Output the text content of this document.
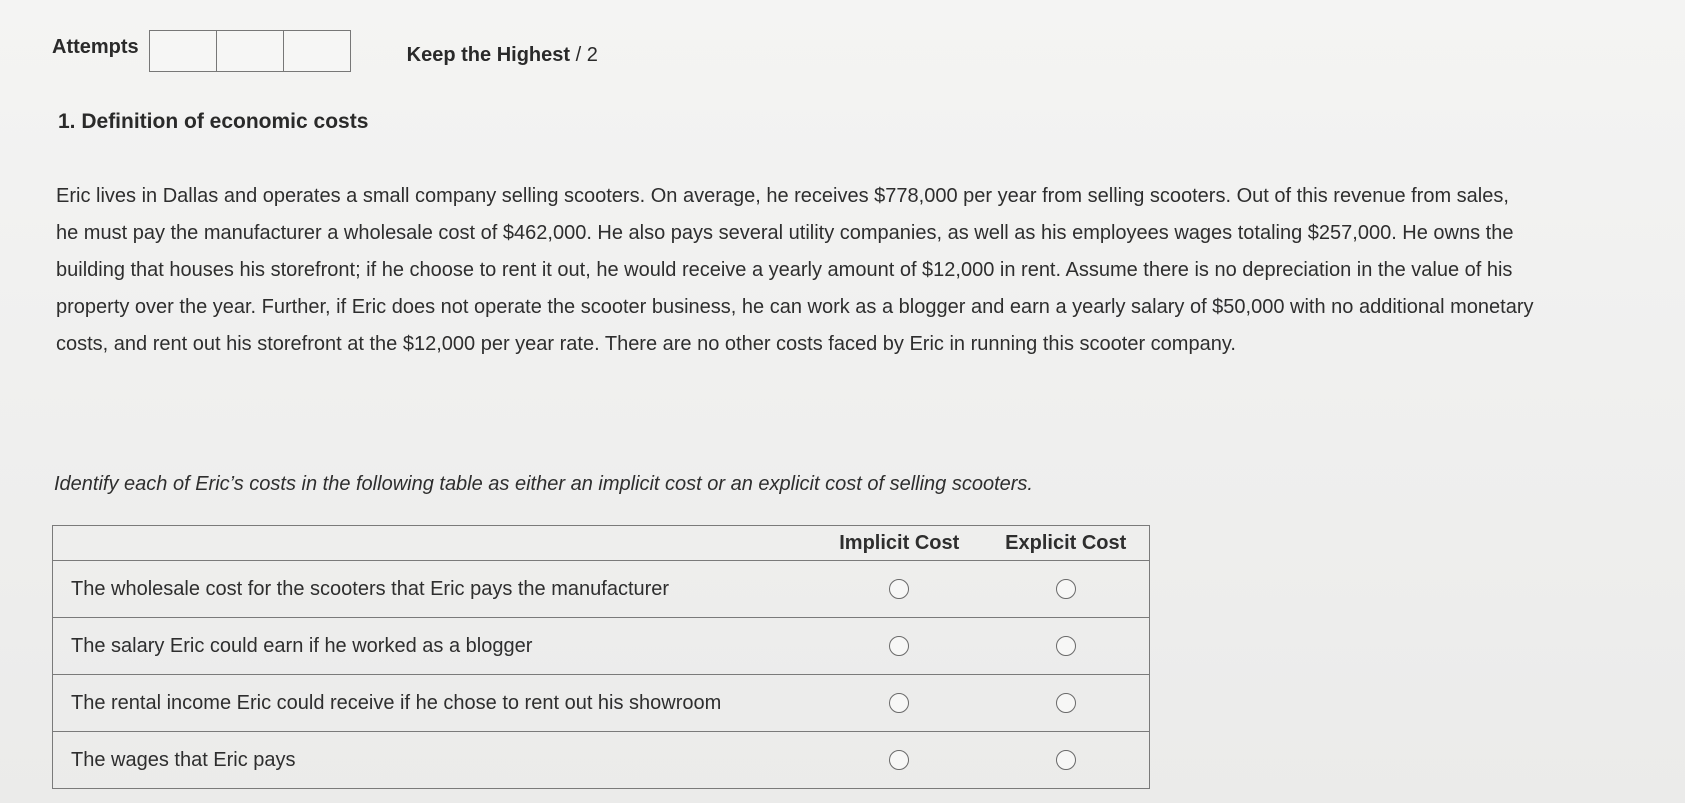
Attempts	Keep the Highest / 2
1. Definition of economic costs

Eric lives in Dallas and operates a small company selling scooters. On average, he receives $778,000 per year from selling scooters. Out of this revenue from sales, he must pay the manufacturer a wholesale cost of $462,000. He also pays several utility companies, as well as his employees wages totaling $257,000. He owns the building that houses his storefront; if he choose to rent it out, he would receive a yearly amount of $12,000 in rent. Assume there is no depreciation in the value of his property over the year. Further, if Eric does not operate the scooter business, he can work as a blogger and earn a yearly salary of $50,000 with no additional monetary costs, and rent out his storefront at the $12,000 per year rate. There are no other costs faced by Eric in running this scooter company.

Identify each of Eric’s costs in the following table as either an implicit cost or an explicit cost of selling scooters.

	Implicit Cost	Explicit Cost
The wholesale cost for the scooters that Eric pays the manufacturer		
The salary Eric could earn if he worked as a blogger		
The rental income Eric could receive if he chose to rent out his showroom		
The wages that Eric pays		
